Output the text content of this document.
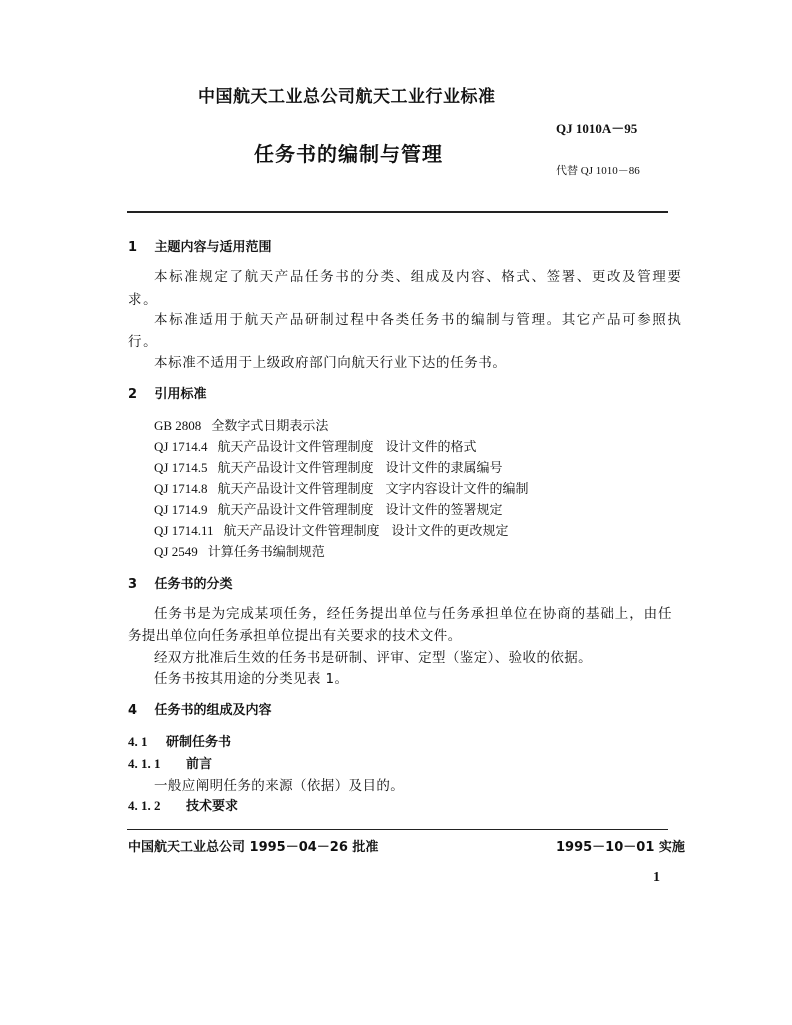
中国航天工业总公司航天工业行业标准
QJ 1010A－95
任务书的编制与管理
代替 QJ 1010－86
1 主题内容与适用范围
本标准规定了航天产品任务书的分类、组成及内容、格式、签署、更改及管理要
求。
本标准适用于航天产品研制过程中各类任务书的编制与管理。其它产品可参照执
行。
本标准不适用于上级政府部门向航天行业下达的任务书。
2 引用标准
GB 2808 全数字式日期表示法
QJ 1714.4 航天产品设计文件管理制度 设计文件的格式
QJ 1714.5 航天产品设计文件管理制度 设计文件的隶属编号
QJ 1714.8 航天产品设计文件管理制度 文字内容设计文件的编制
QJ 1714.9 航天产品设计文件管理制度 设计文件的签署规定
QJ 1714.11 航天产品设计文件管理制度 设计文件的更改规定
QJ 2549 计算任务书编制规范
3 任务书的分类
任务书是为完成某项任务，经任务提出单位与任务承担单位在协商的基础上，由任
务提出单位向任务承担单位提出有关要求的技术文件。
经双方批准后生效的任务书是研制、评审、定型（鉴定）、验收的依据。
任务书按其用途的分类见表 1。
4 任务书的组成及内容
4. 1 研制任务书
4. 1. 1 前言
一般应阐明任务的来源（依据）及目的。
4. 1. 2 技术要求
中国航天工业总公司 1995－04－26 批准	1995－10－01 实施
1
